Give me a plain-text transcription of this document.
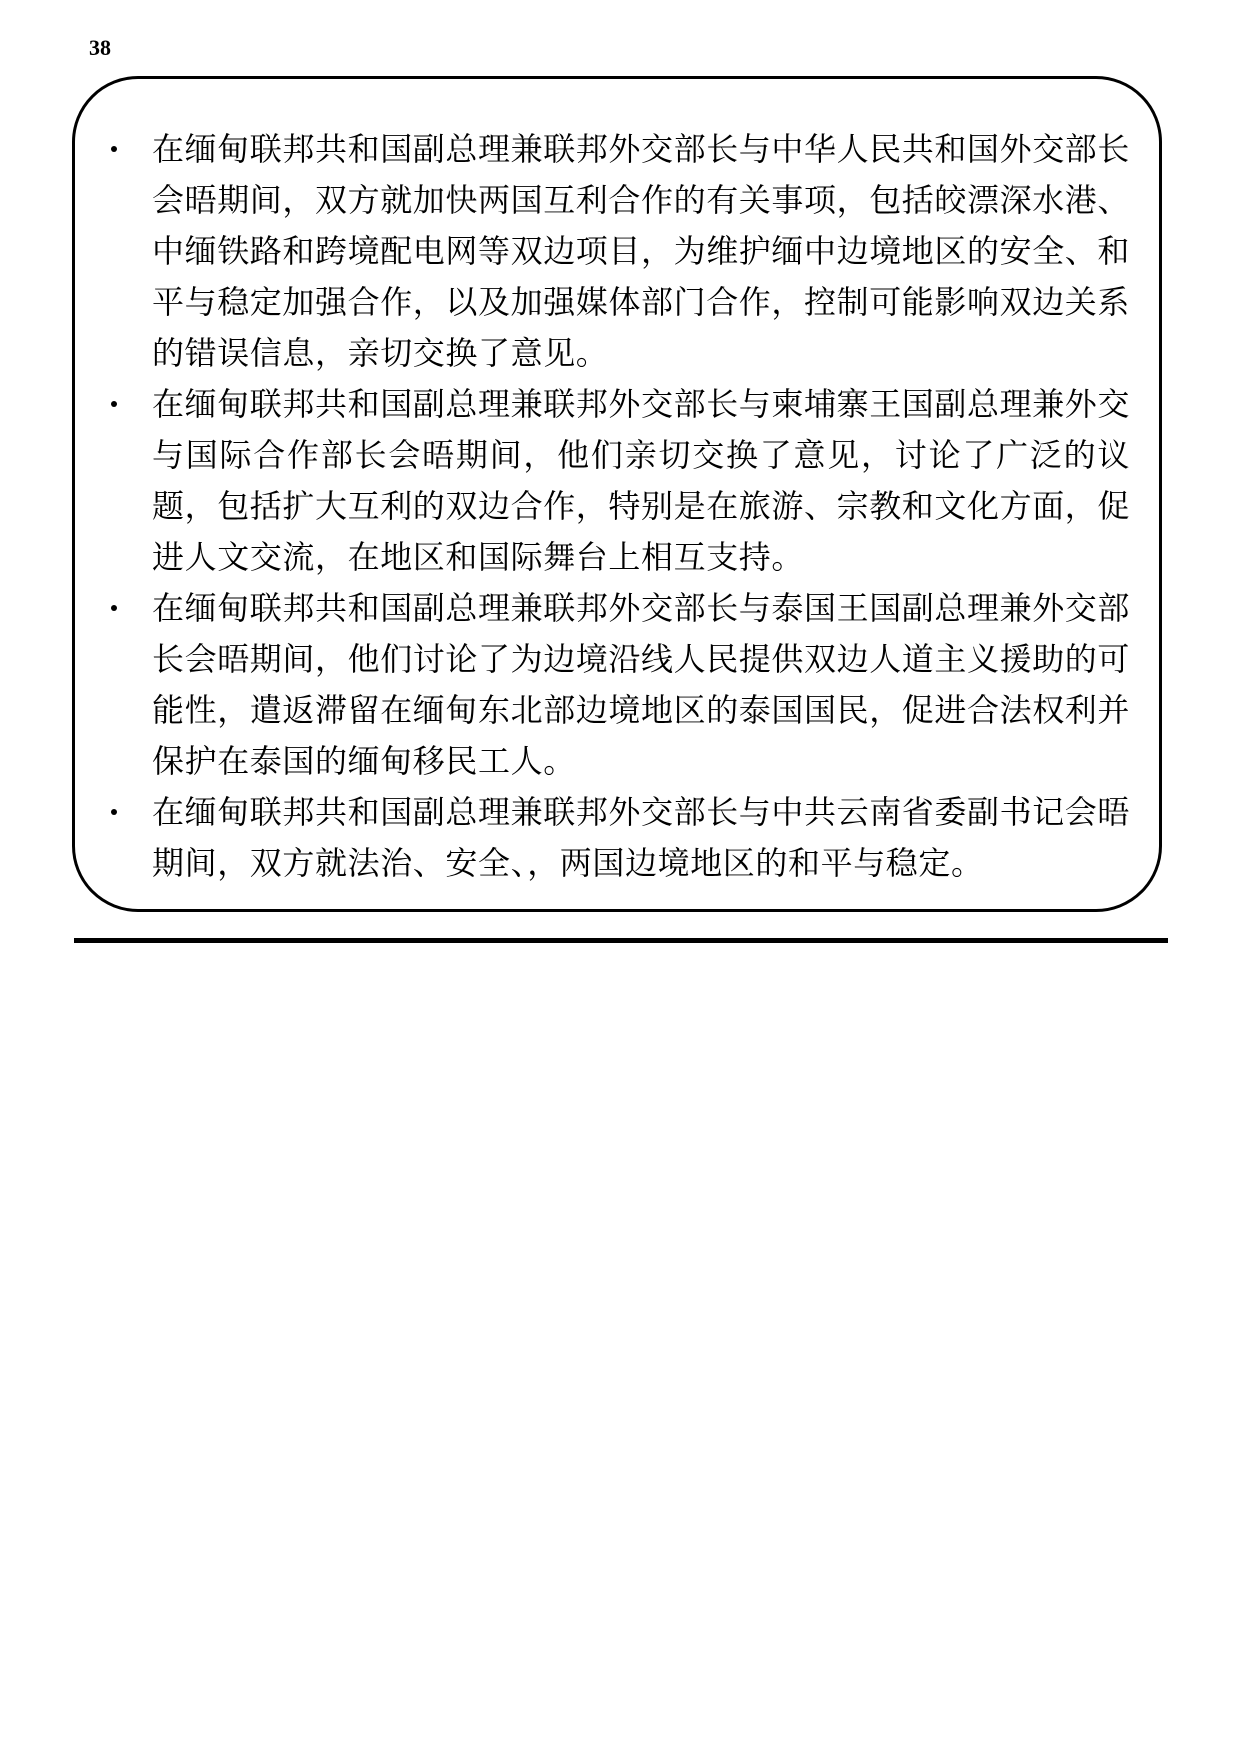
38
在缅甸联邦共和国副总理兼联邦外交部长与中华人民共和国外交部长会晤期间，双方就加快两国互利合作的有关事项，包括皎漂深水港、中缅铁路和跨境配电网等双边项目，为维护缅中边境地区的安全、和平与稳定加强合作，以及加强媒体部门合作，控制可能影响双边关系的错误信息，亲切交换了意见。
在缅甸联邦共和国副总理兼联邦外交部长与柬埔寨王国副总理兼外交与国际合作部长会晤期间，他们亲切交换了意见，讨论了广泛的议题，包括扩大互利的双边合作，特别是在旅游、宗教和文化方面，促进人文交流，在地区和国际舞台上相互支持。
在缅甸联邦共和国副总理兼联邦外交部长与泰国王国副总理兼外交部长会晤期间，他们讨论了为边境沿线人民提供双边人道主义援助的可能性，遣返滞留在缅甸东北部边境地区的泰国国民，促进合法权利并保护在泰国的缅甸移民工人。
在缅甸联邦共和国副总理兼联邦外交部长与中共云南省委副书记会晤期间，双方就法治、安全、，两国边境地区的和平与稳定。
